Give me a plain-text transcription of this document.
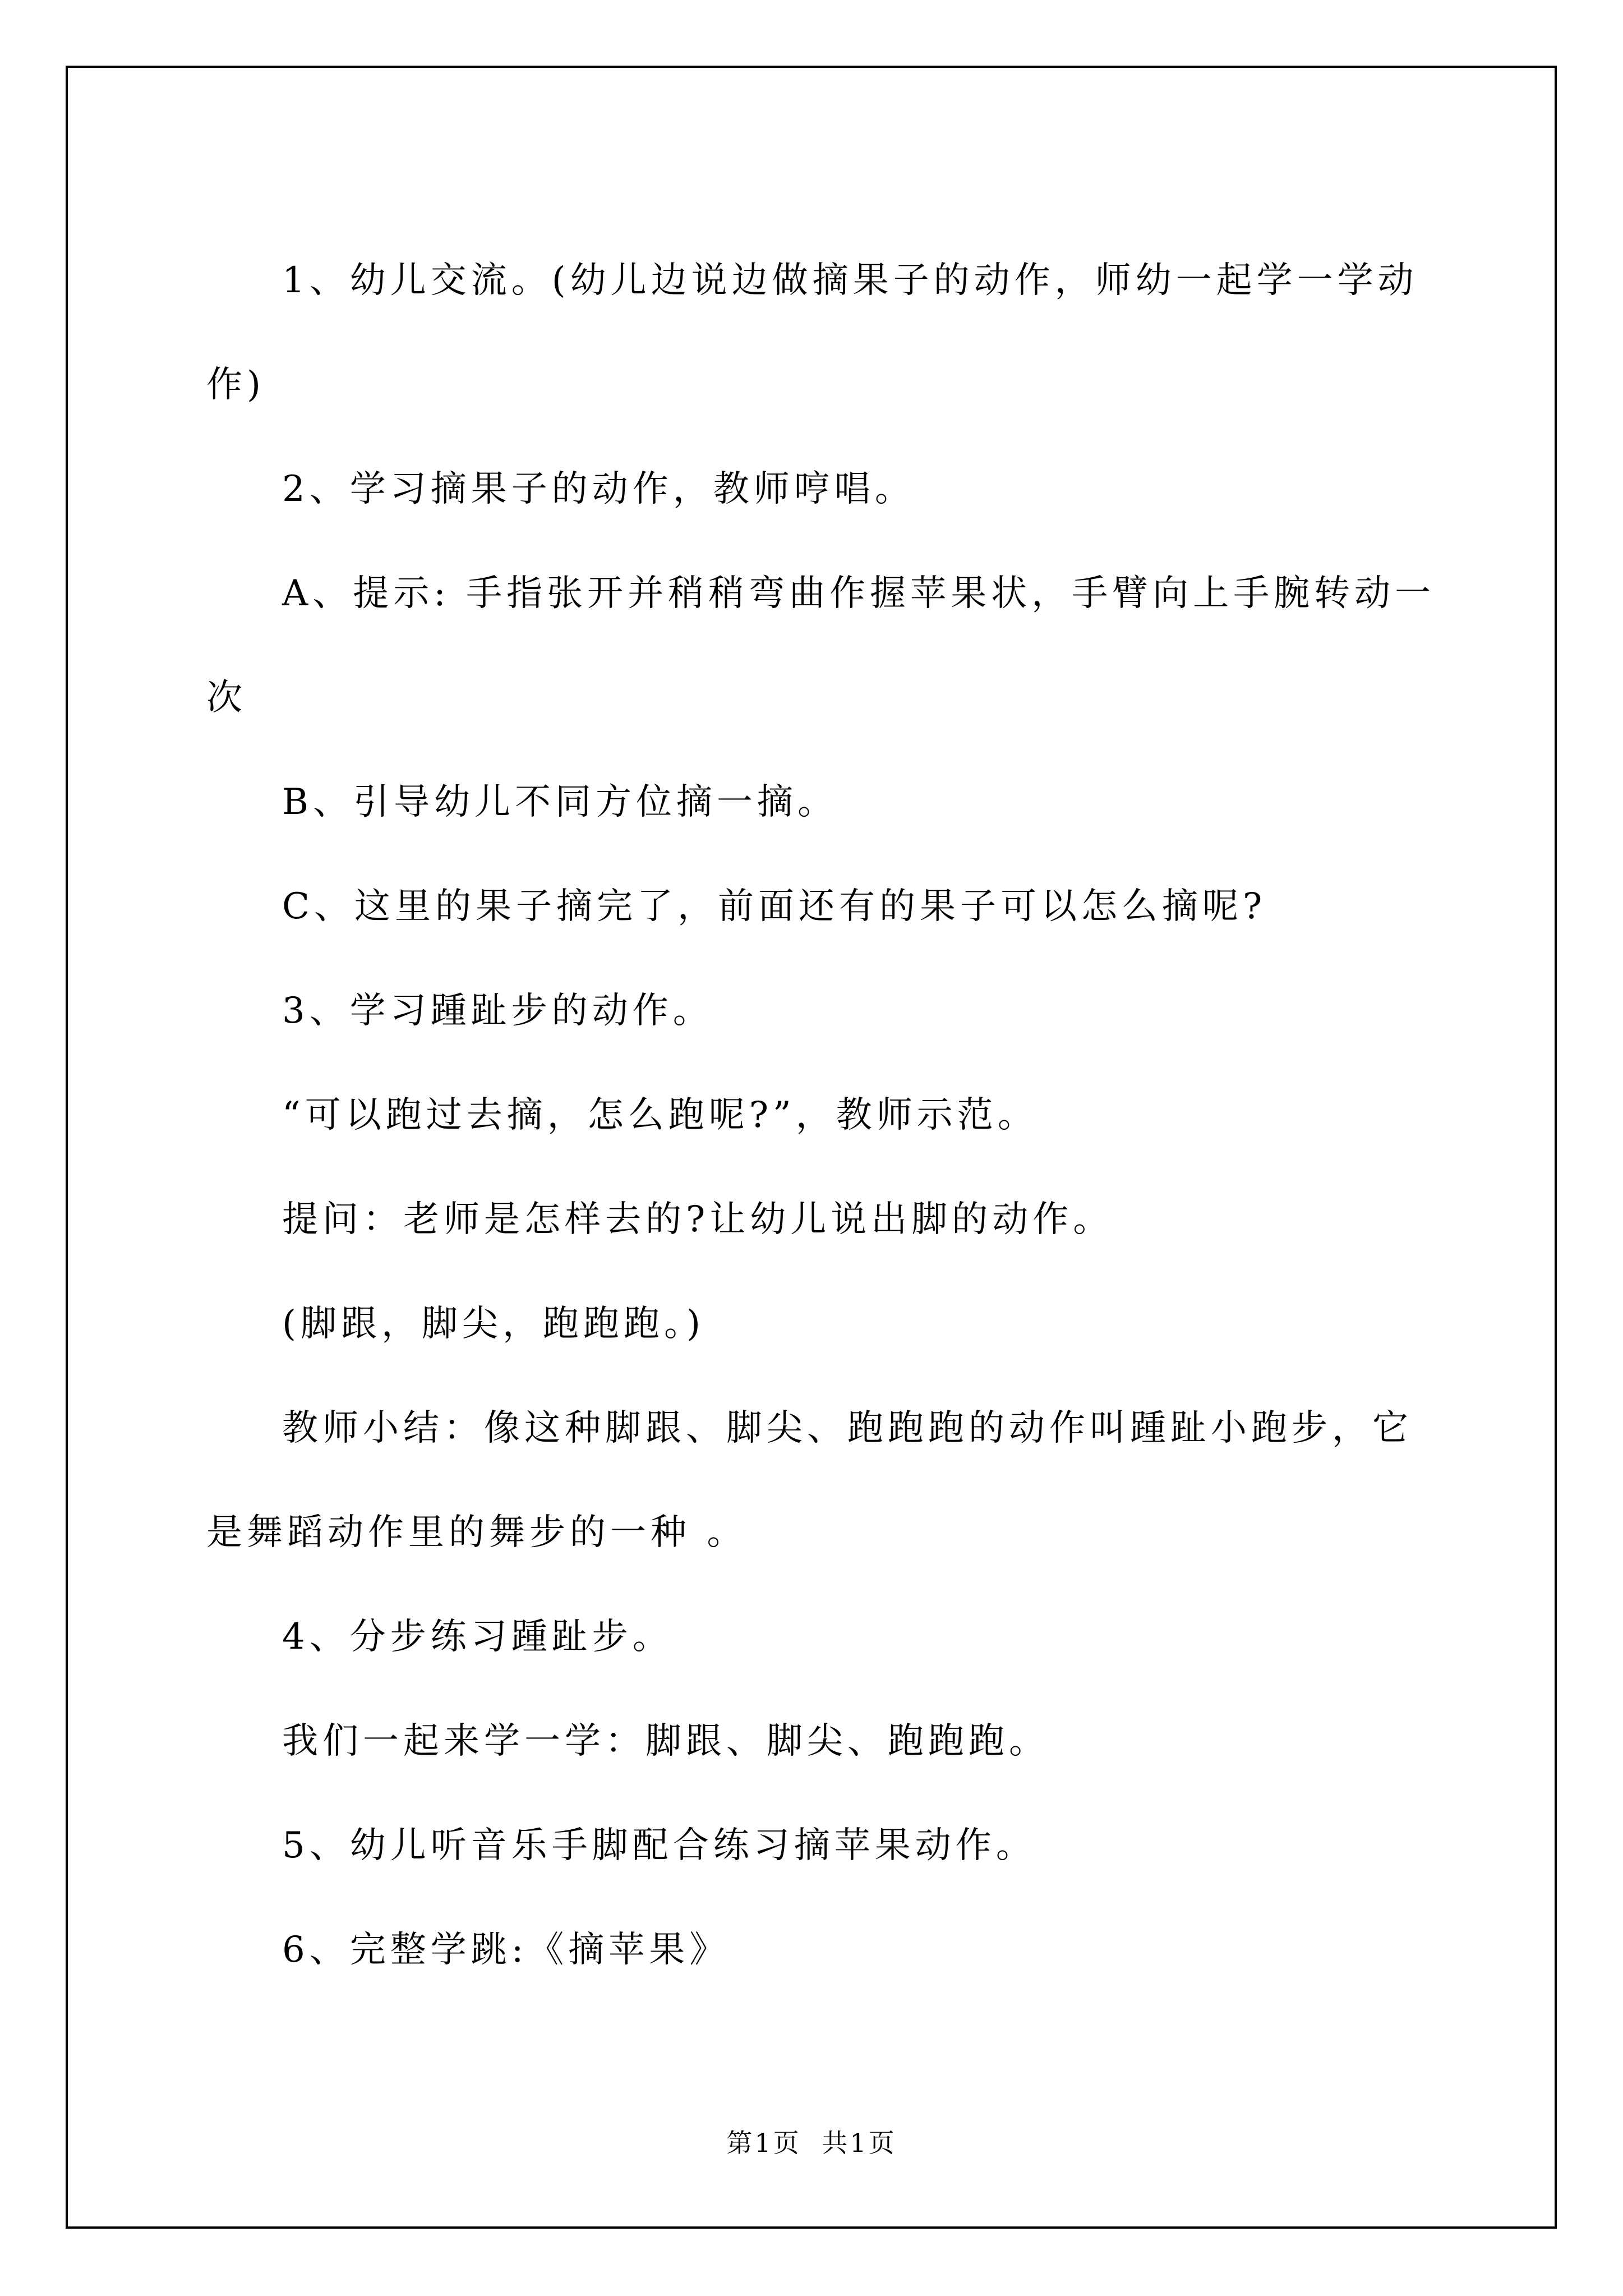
1、幼儿交流。(幼儿边说边做摘果子的动作，师幼一起学一学动
作)
2、学习摘果子的动作，教师哼唱。
A、提示: 手指张开并稍稍弯曲作握苹果状，手臂向上手腕转动一
次
B、引导幼儿不同方位摘一摘。
C、这里的果子摘完了，前面还有的果子可以怎么摘呢?
3、学习踵趾步的动作。
“可以跑过去摘，怎么跑呢?”，教师示范。
提问：老师是怎样去的?让幼儿说出脚的动作。
(脚跟，脚尖，跑跑跑。)
教师小结：像这种脚跟、脚尖、跑跑跑的动作叫踵趾小跑步，它
是舞蹈动作里的舞步的一种 。
4、分步练习踵趾步。
我们一起来学一学：脚跟、脚尖、跑跑跑。
5、幼儿听音乐手脚配合练习摘苹果动作。
6、完整学跳:《摘苹果》
第1页 共1页
